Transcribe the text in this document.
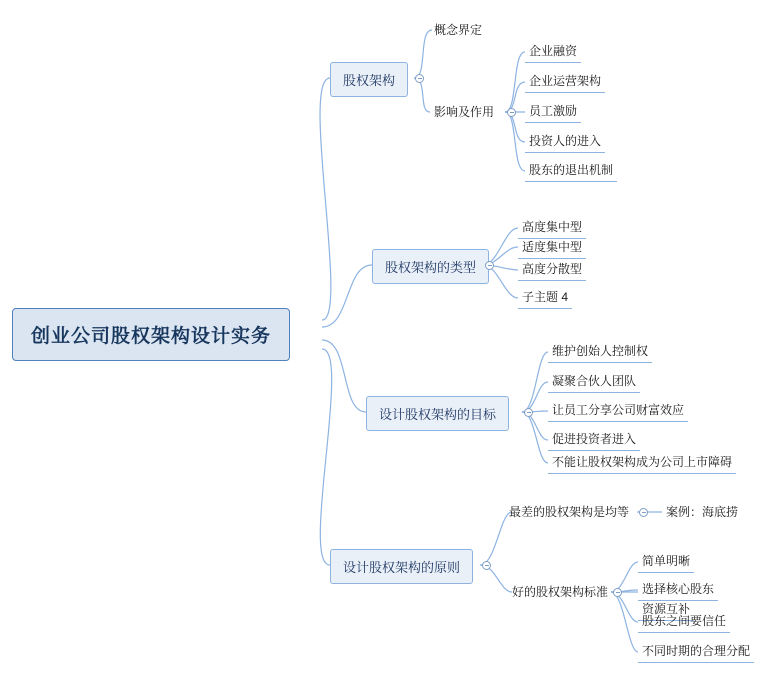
创业公司股权架构设计实务
股权架构
概念界定
影响及作用
企业融资
企业运营架构
员工激励
投资人的进入
股东的退出机制
股权架构的类型
高度集中型
适度集中型
高度分散型
子主题 4
设计股权架构的目标
维护创始人控制权
凝聚合伙人团队
让员工分享公司财富效应
促进投资者进入
不能让股权架构成为公司上市障碍
设计股权架构的原则
最差的股权架构是均等	案例：海底捞
好的股权架构标准
简单明晰
选择核心股东
资源互补
股东之间要信任
不同时期的合理分配
